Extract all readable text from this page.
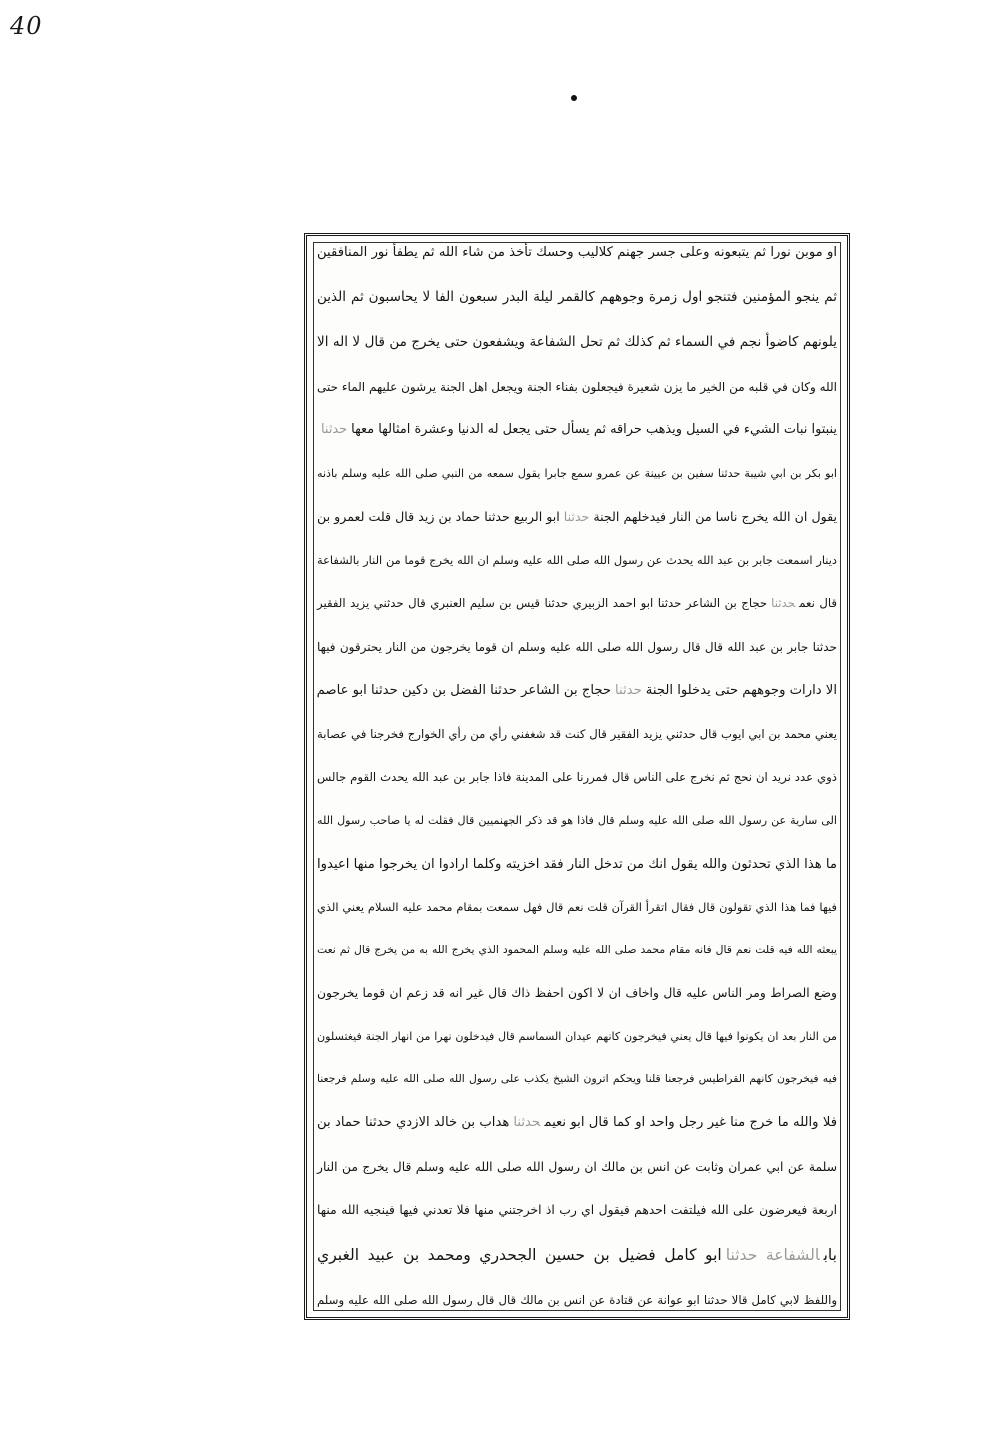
40
او موبن نورا ثم يتبعونه وعلى جسر جهنم كلاليب وحسك تأخذ من شاء الله ثم يطفأ نور المنافقين
ثم ينجو المؤمنين فتنجو اول زمرة وجوههم كالقمر ليلة البدر سبعون الفا لا يحاسبون ثم الذين
يلونهم كاضوأ نجم في السماء ثم كذلك ثم تحل الشفاعة ويشفعون حتى يخرج من قال لا اله الا
الله وكان في قلبه من الخير ما يزن شعيرة فيجعلون بفناء الجنة ويجعل اهل الجنة يرشون عليهم الماء حتى
ينبتوا نبات الشيء في السيل ويذهب حراقه ثم يسأل حتى يجعل له الدنيا وعشرة امثالها معهاحدثنا
ابو بكر بن ابي شيبة حدثنا سفين بن عيينة عن عمرو سمع جابرا يقول سمعه من النبي صلى الله عليه وسلم باذنه
يقول ان الله يخرج ناسا من النار فيدخلهم الجنةحدثناابو الربيع حدثنا حماد بن زيد قال قلت لعمرو بن
دينار اسمعت جابر بن عبد الله يحدث عن رسول الله صلى الله عليه وسلم ان الله يخرج قوما من النار بالشفاعة
قال نعمحدثناحجاج بن الشاعر حدثنا ابو احمد الزبيري حدثنا قيس بن سليم العنبري قال حدثني يزيد الفقير
حدثنا جابر بن عبد الله قال قال رسول الله صلى الله عليه وسلم ان قوما يخرجون من النار يحترقون فيها
الا دارات وجوههم حتى يدخلوا الجنةحدثناحجاج بن الشاعر حدثنا الفضل بن دكين حدثنا ابو عاصم
يعني محمد بن ابي ايوب قال حدثني يزيد الفقير قال كنت قد شغفني رأي من رأي الخوارج فخرجنا في عصابة
ذوي عدد نريد ان نحج ثم نخرج على الناس قال فمررنا على المدينة فاذا جابر بن عبد الله يحدث القوم جالس
الى سارية عن رسول الله صلى الله عليه وسلم قال فاذا هو قد ذكر الجهنميين قال فقلت له يا صاحب رسول الله
ما هذا الذي تحدثون والله يقول انك من تدخل النار فقد اخزيته وكلما ارادوا ان يخرجوا منها اعيدوا
فيها فما هذا الذي تقولون قال فقال اتقرأ القرآن قلت نعم قال فهل سمعت بمقام محمد عليه السلام يعني الذي
يبعثه الله فيه قلت نعم قال فانه مقام محمد صلى الله عليه وسلم المحمود الذي يخرج الله به من يخرج قال ثم نعت
وضع الصراط ومر الناس عليه قال واخاف ان لا اكون احفظ ذاك قال غير انه قد زعم ان قوما يخرجون
من النار بعد ان يكونوا فيها قال يعني فيخرجون كانهم عيدان السماسم قال فيدخلون نهرا من انهار الجنة فيغتسلون
فيه فيخرجون كانهم القراطيس فرجعنا قلنا ويحكم اترون الشيخ يكذب على رسول الله صلى الله عليه وسلم فرجعنا
فلا والله ما خرج منا غير رجل واحد او كما قال ابو نعيمحدثناهداب بن خالد الازدي حدثنا حماد بن
سلمة عن ابي عمران وثابت عن انس بن مالك ان رسول الله صلى الله عليه وسلم قال يخرج من النار
اربعة فيعرضون على الله فيلتفت احدهم فيقول اي رب اذ اخرجتني منها فلا تعدني فيها فينجيه الله منها
بابالشفاعة حدثناابو كامل فضيل بن حسين الجحدري ومحمد بن عبيد الغبري
واللفظ لابي كامل قالا حدثنا ابو عوانة عن قتادة عن انس بن مالك قال قال رسول الله صلى الله عليه وسلم
